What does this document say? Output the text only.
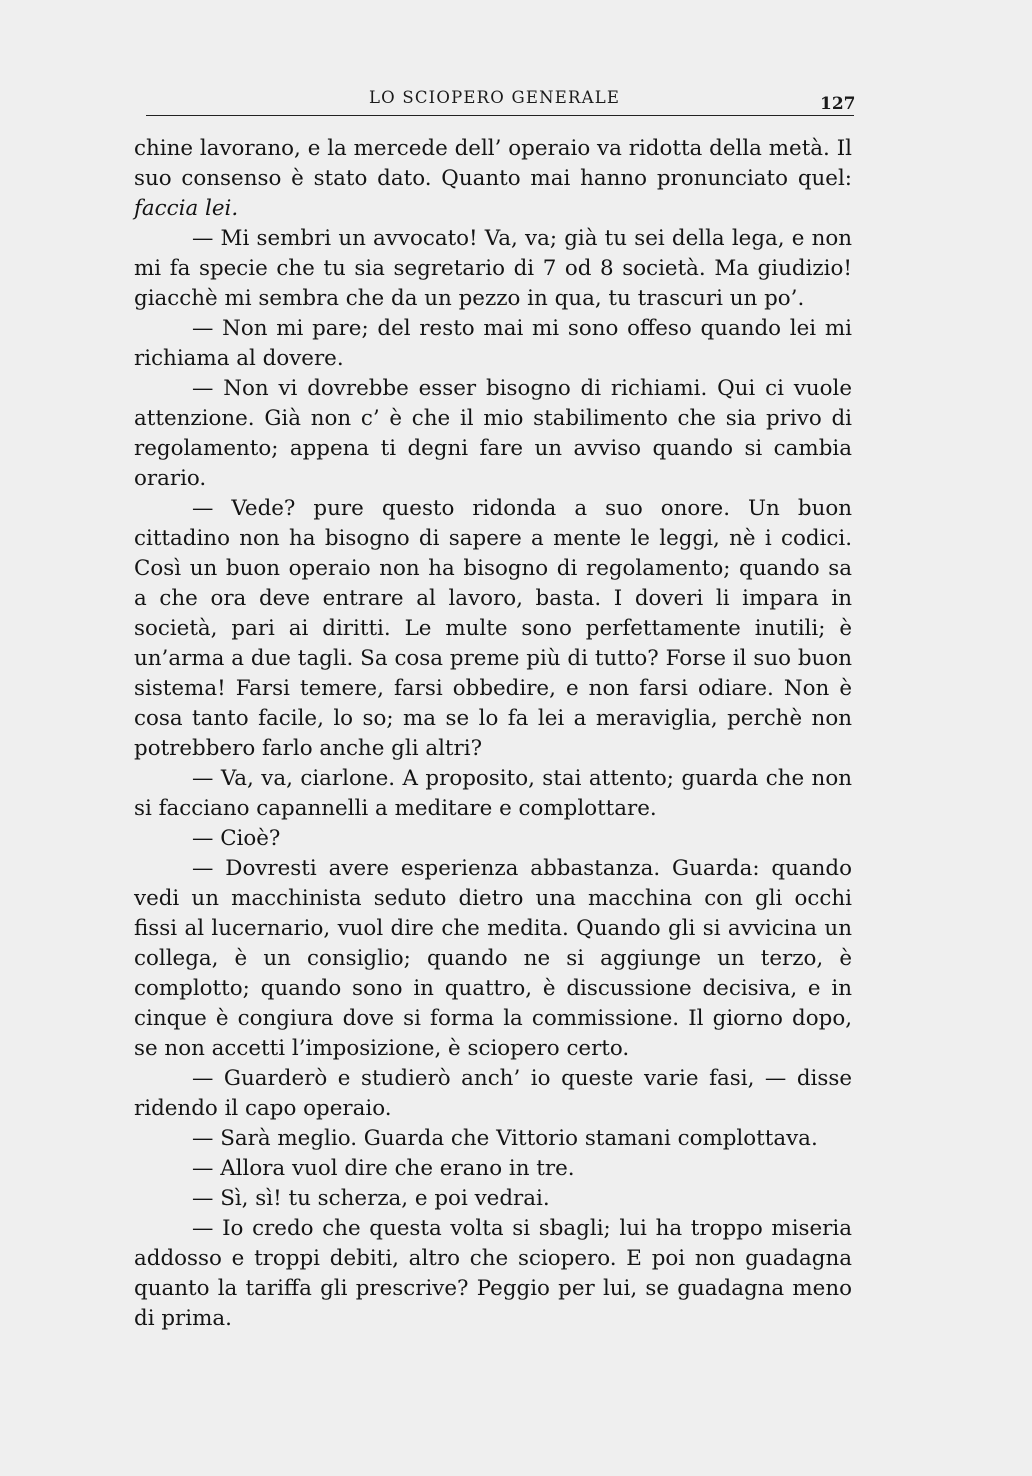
LO SCIOPERO GENERALE	127

chine lavorano, e la mercede dell’ operaio va ridotta della metà. Il suo consenso è stato dato. Quanto mai hanno pronunciato quel: faccia lei.

— Mi sembri un avvocato! Va, va; già tu sei della lega, e non mi fa specie che tu sia segretario di 7 od 8 società. Ma giudizio! giacchè mi sembra che da un pezzo in qua, tu trascuri un po’.

— Non mi pare; del resto mai mi sono offeso quando lei mi richiama al dovere.

— Non vi dovrebbe esser bisogno di richiami. Qui ci vuole attenzione. Già non c’ è che il mio stabilimento che sia privo di regolamento; appena ti degni fare un avviso quando si cambia orario.

— Vede? pure questo ridonda a suo onore. Un buon cittadino non ha bisogno di sapere a mente le leggi, nè i codici. Così un buon operaio non ha bisogno di regolamento; quando sa a che ora deve entrare al lavoro, basta. I doveri li impara in società, pari ai diritti. Le multe sono perfettamente inutili; è un’arma a due tagli. Sa cosa preme più di tutto? Forse il suo buon sistema! Farsi temere, farsi obbedire, e non farsi odiare. Non è cosa tanto facile, lo so; ma se lo fa lei a meraviglia, perchè non potrebbero farlo anche gli altri?

— Va, va, ciarlone. A proposito, stai attento; guarda che non si facciano capannelli a meditare e complottare.

— Cioè?

— Dovresti avere esperienza abbastanza. Guarda: quando vedi un macchinista seduto dietro una macchina con gli occhi fissi al lucernario, vuol dire che medita. Quando gli si avvicina un collega, è un consiglio; quando ne si aggiunge un terzo, è complotto; quando sono in quattro, è discussione decisiva, e in cinque è congiura dove si forma la commissione. Il giorno dopo, se non accetti l’imposizione, è sciopero certo.

— Guarderò e studierò anch’ io queste varie fasi, — disse ridendo il capo operaio.

— Sarà meglio. Guarda che Vittorio stamani complottava.

— Allora vuol dire che erano in tre.

— Sì, sì! tu scherza, e poi vedrai.

— Io credo che questa volta si sbagli; lui ha troppo miseria addosso e troppi debiti, altro che sciopero. E poi non guadagna quanto la tariffa gli prescrive? Peggio per lui, se guadagna meno di prima.
